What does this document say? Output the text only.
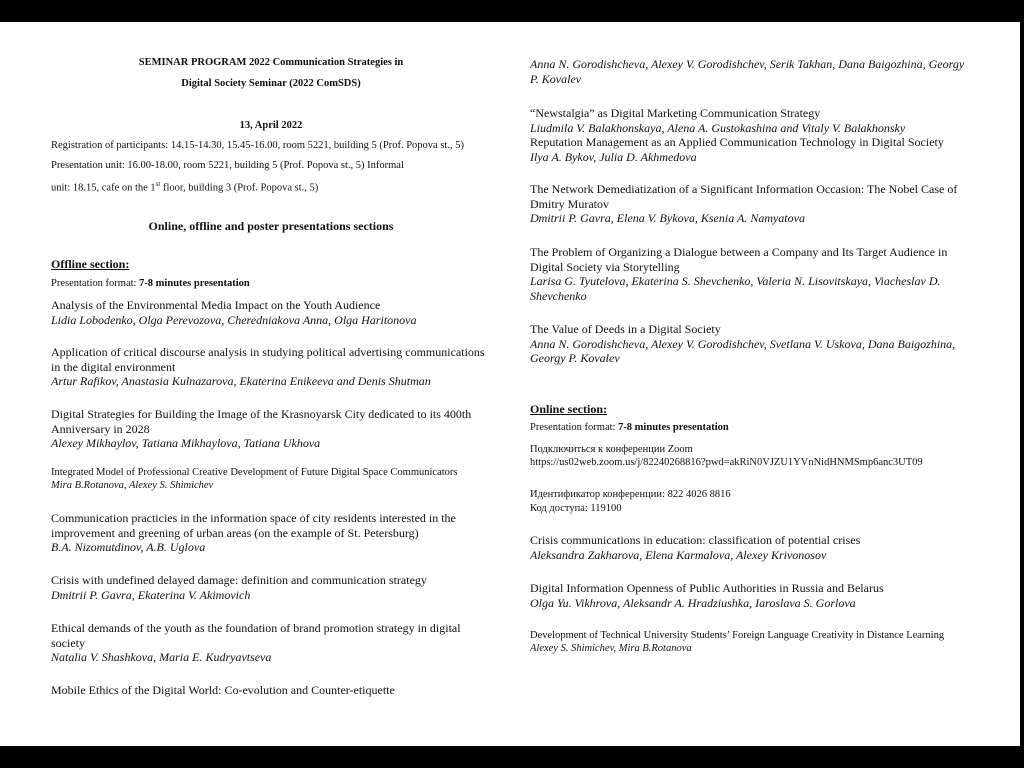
SEMINAR PROGRAM 2022 Communication Strategies in
Digital Society Seminar (2022 ComSDS)
13, April 2022
Registration of participants: 14.15-14.30, 15.45-16.00, room 5221, building 5 (Prof. Popova st., 5)
Presentation unit: 16.00-18.00, room 5221, building 5 (Prof. Popova st., 5) Informal
unit: 18.15, cafe on the 1st floor, building 3 (Prof. Popova st., 5)
Online, offline and poster presentations sections
Offline section:
Presentation format: 7-8 minutes presentation
Analysis of the Environmental Media Impact on the Youth Audience
Lidia Lobodenko, Olga Perevozova, Cheredniakova Anna, Olga Haritonova
Application of critical discourse analysis in studying political advertising communications in the digital environment
Artur Rafikov, Anastasia Kulnazarova, Ekaterina Enikeeva and Denis Shutman
Digital Strategies for Building the Image of the Krasnoyarsk City dedicated to its 400th Anniversary in 2028
Alexey Mikhaylov, Tatiana Mikhaylova, Tatiana Ukhova
Integrated Model of Professional Creative Development of Future Digital Space Communicators
Mira B.Rotanova, Alexey S. Shimichev
Communication practicies in the information space of city residents interested in the improvement and greening of urban areas (on the example of St. Petersburg)
B.A. Nizomutdinov, A.B. Uglova
Crisis with undefined delayed damage: definition and communication strategy
Dmitrii P. Gavra, Ekaterina V. Akimovich
Ethical demands of the youth as the foundation of brand promotion strategy in digital society
Natalia V. Shashkova, Maria E. Kudryavtseva
Mobile Ethics of the Digital World: Co-evolution and Counter-etiquette
Anna N. Gorodishcheva, Alexey V. Gorodishchev, Serik Takhan, Dana Baigozhina, Georgy P. Kovalev
“Newstalgia” as Digital Marketing Communication Strategy
Liudmila V. Balakhonskaya, Alena A. Gustokashina and Vitaly V. Balakhonsky
Reputation Management as an Applied Communication Technology in Digital Society
Ilya A. Bykov, Julia D. Akhmedova
The Network Demediatization of a Significant Information Occasion: The Nobel Case of Dmitry Muratov
Dmitrii P. Gavra, Elena V. Bykova, Ksenia A. Namyatova
The Problem of Organizing a Dialogue between a Company and Its Target Audience in Digital Society via Storytelling
Larisa G. Tyutelova, Ekaterina S. Shevchenko, Valeria N. Lisovitskaya, Viacheslav D. Shevchenko
The Value of Deeds in a Digital Society
Anna N. Gorodishcheva, Alexey V. Gorodishchev, Svetlana V. Uskova, Dana Baigozhina, Georgy P. Kovalev
Online section:
Presentation format: 7-8 minutes presentation
Подключиться к конференции Zoom
https://us02web.zoom.us/j/82240268816?pwd=akRiN0VJZU1YVnNidHNMSmp6anc3UT09
Идентификатор конференции: 822 4026 8816
Код доступа: 119100
Crisis communications in education: classification of potential crises
Aleksandra Zakharova, Elena Karmalova, Alexey Krivonosov
Digital Information Openness of Public Authorities in Russia and Belarus
Olga Yu. Vikhrova, Aleksandr A. Hradziushka, Iaroslava S. Gorlova
Development of Technical University Students’ Foreign Language Creativity in Distance Learning
Alexey S. Shimichev, Mira B.Rotanova
